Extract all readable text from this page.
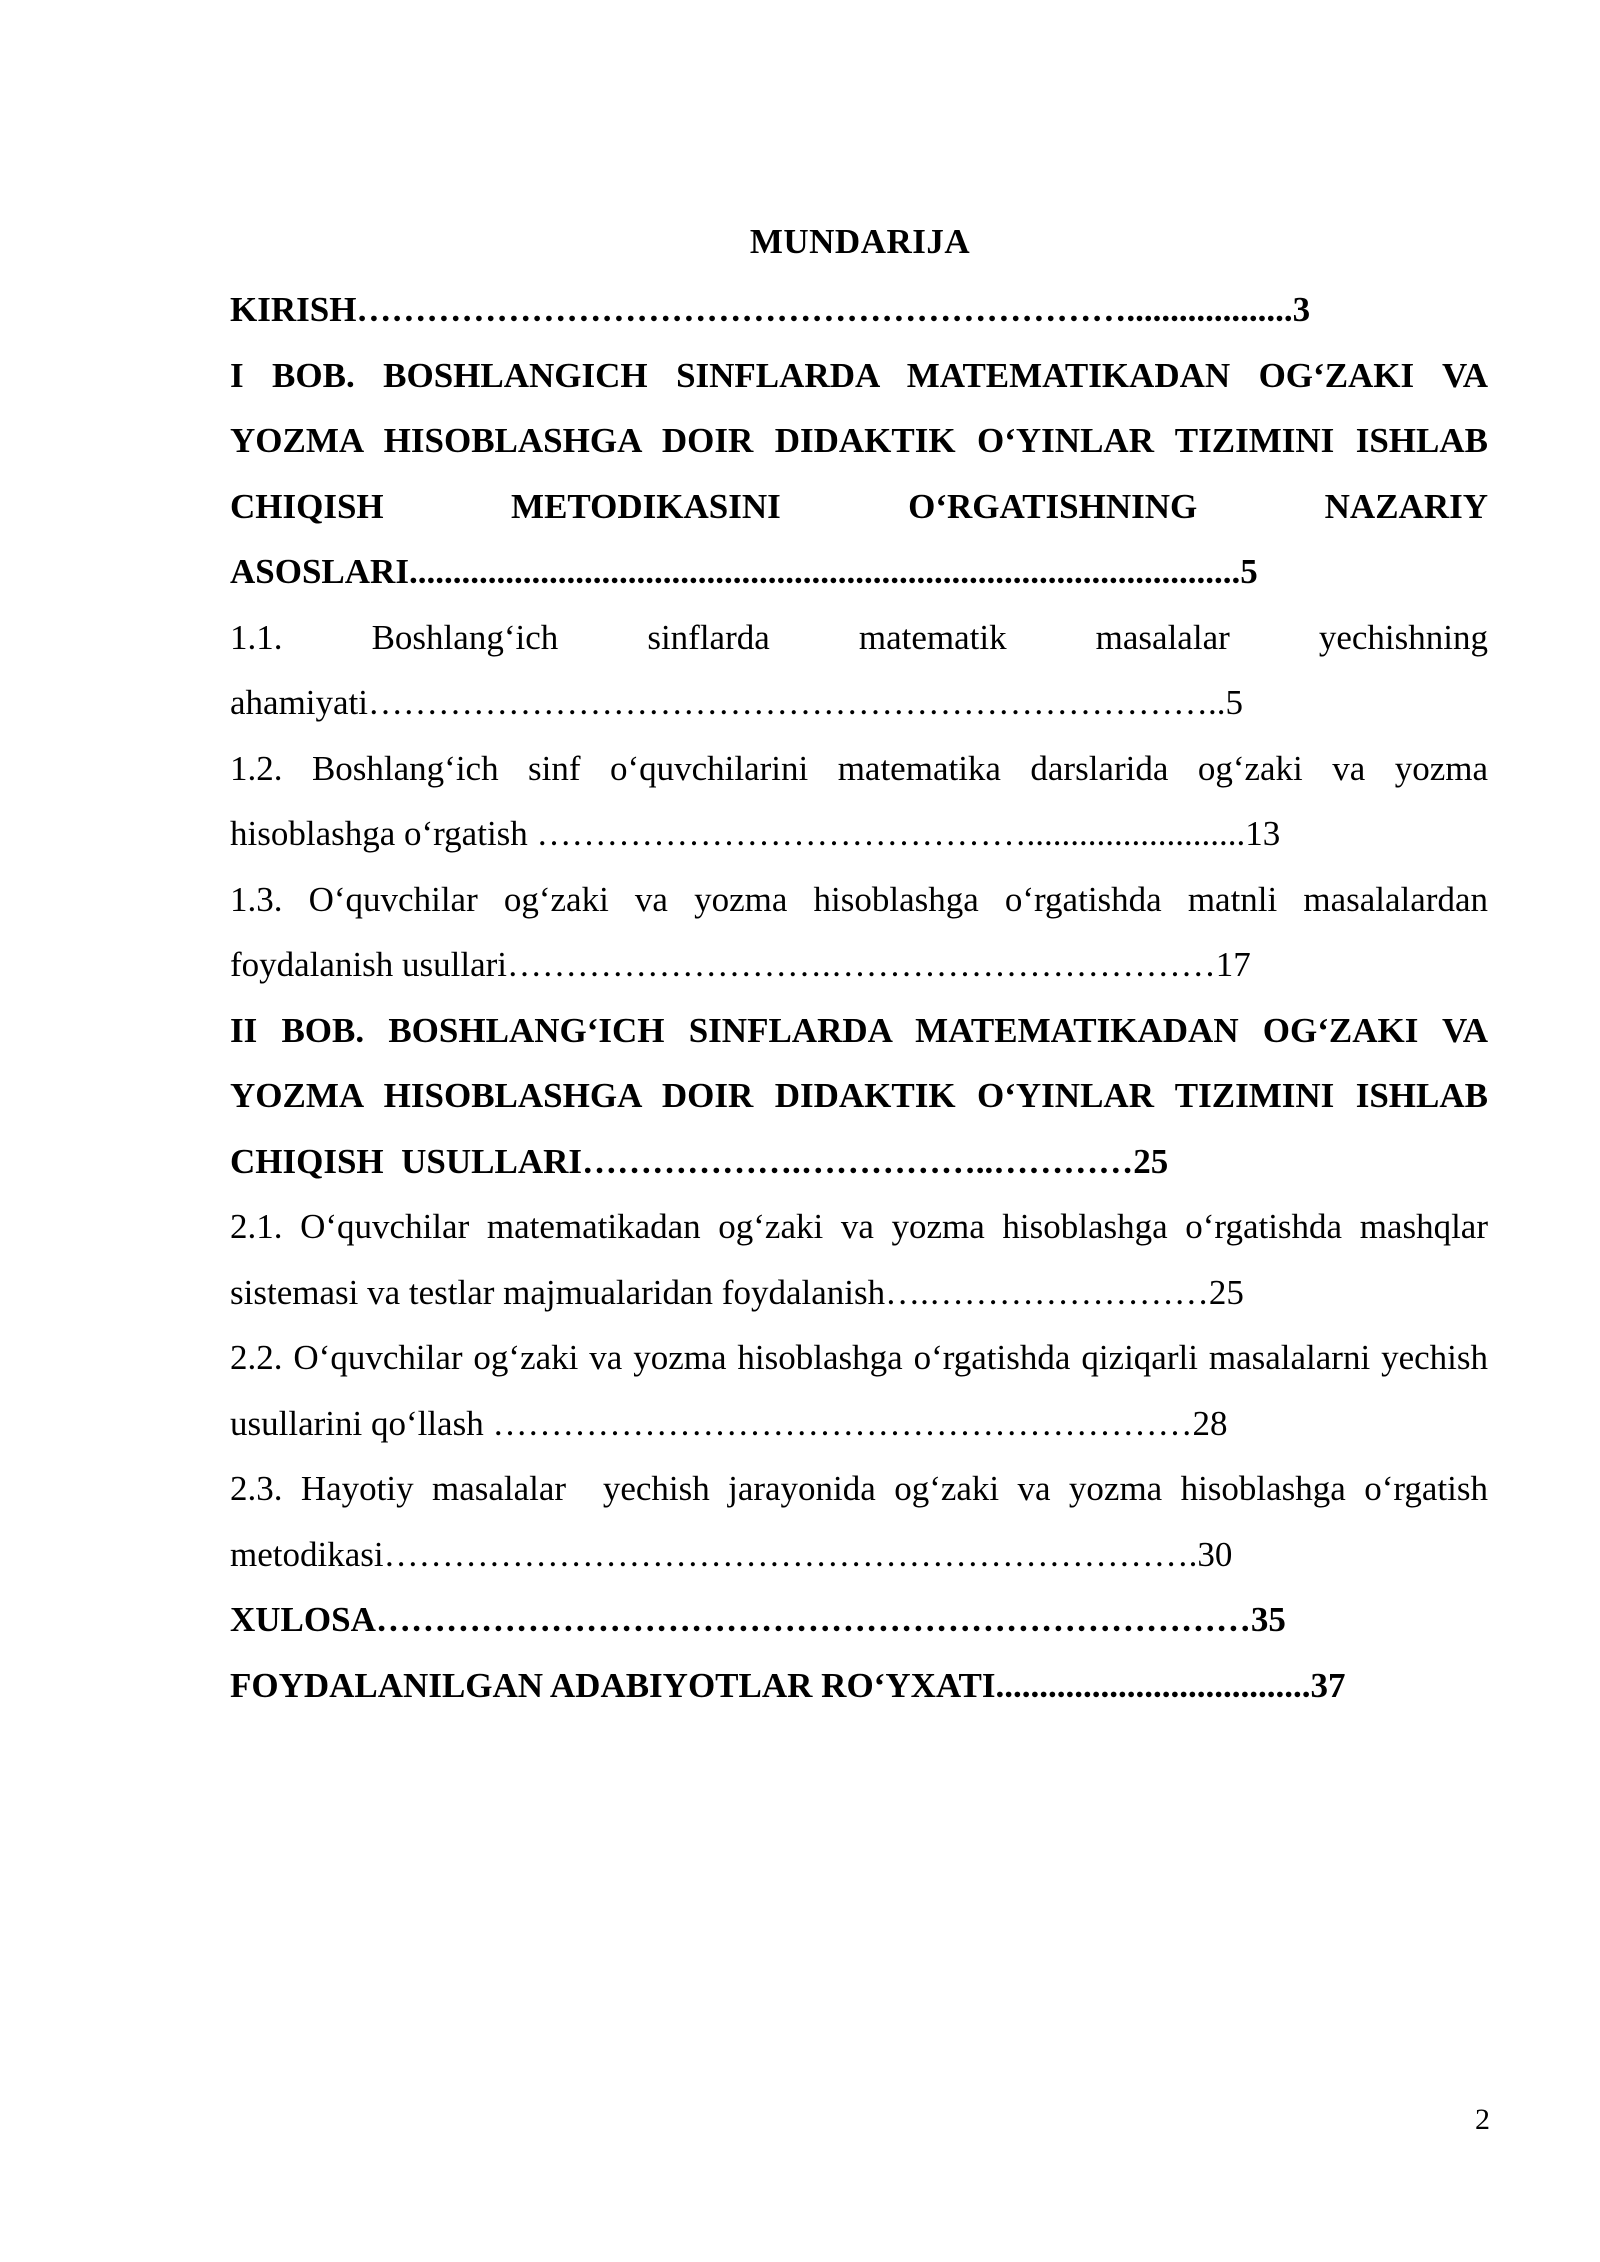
MUNDARIJA

KIRISH…………………………………………………………...................3

I BOB. BOSHLANGICH SINFLARDA MATEMATIKADAN OG‘ZAKI VA YOZMA HISOBLASHGA DOIR DIDAKTIK O‘YINLAR TIZIMINI ISHLAB CHIQISH METODIKASINI O‘RGATISHNING NAZARIY ASOSLARI...............................................................................................5

1.1. Boshlang‘ich sinflarda matematik masalalar yechishning ahamiyati………………………………………………………………..5

1.2. Boshlang‘ich sinf o‘quvchilarini matematika darslarida og‘zaki va yozma hisoblashga o‘rgatish …………………………………….........................13

1.3. O‘quvchilar og‘zaki va yozma hisoblashga o‘rgatishda matnli masalalardan foydalanish usullari……………………….……………………………17

II BOB. BOSHLANG‘ICH SINFLARDA MATEMATIKADAN OG‘ZAKI VA YOZMA HISOBLASHGA DOIR DIDAKTIK O‘YINLAR TIZIMINI ISHLAB CHIQISH  USULLARI……………….……………..…………25

2.1. O‘quvchilar matematikadan og‘zaki va yozma hisoblashga o‘rgatishda mashqlar sistemasi va testlar majmualaridan foydalanish….……………………25

2.2. O‘quvchilar og‘zaki va yozma hisoblashga o‘rgatishda qiziqarli masalalarni yechish usullarini qo‘llash ……………………………………………………28

2.3. Hayotiy masalalar  yechish jarayonida og‘zaki va yozma hisoblashga o‘rgatish metodikasi…………………………………………………………….30

XULOSA…………………………………………………………………35

FOYDALANILGAN ADABIYOTLAR RO‘YXATI....................................37

2
